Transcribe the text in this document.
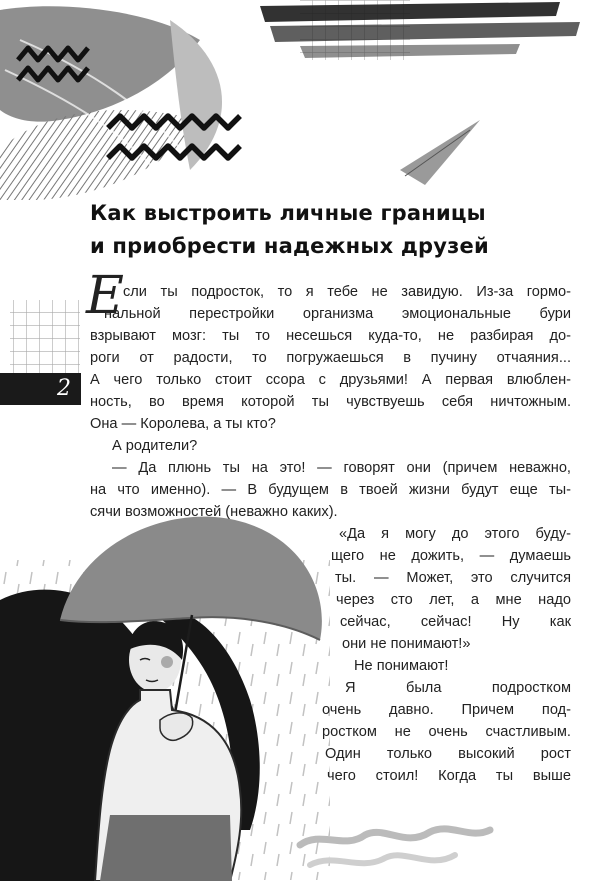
Как выстроить личные границы
и приобрести надежных друзей
2
Е сли ты подросток, то я тебе не завидую. Из-за гормо-
нальной перестройки организма эмоциональные бури
взрывают мозг: ты то несешься куда-то, не разбирая до-
роги от радости, то погружаешься в пучину отчаяния...
А чего только стоит ссора с друзьями! А первая влюблен-
ность, во время которой ты чувствуешь себя ничтожным.
Она — Королева, а ты кто?
А родители?
— Да плюнь ты на это! — говорят они (причем неважно,
на что именно). — В будущем в твоей жизни будут еще ты-
сячи возможностей (неважно каких).
«Да я могу до этого буду-
щего не дожить, — думаешь
ты. — Может, это случится
через сто лет, а мне надо
сейчас, сейчас! Ну как
они не понимают!»
Не понимают!
Я была подростком
очень давно. Причем под-
ростком не очень счастливым.
Один только высокий рост
чего стоил! Когда ты выше
